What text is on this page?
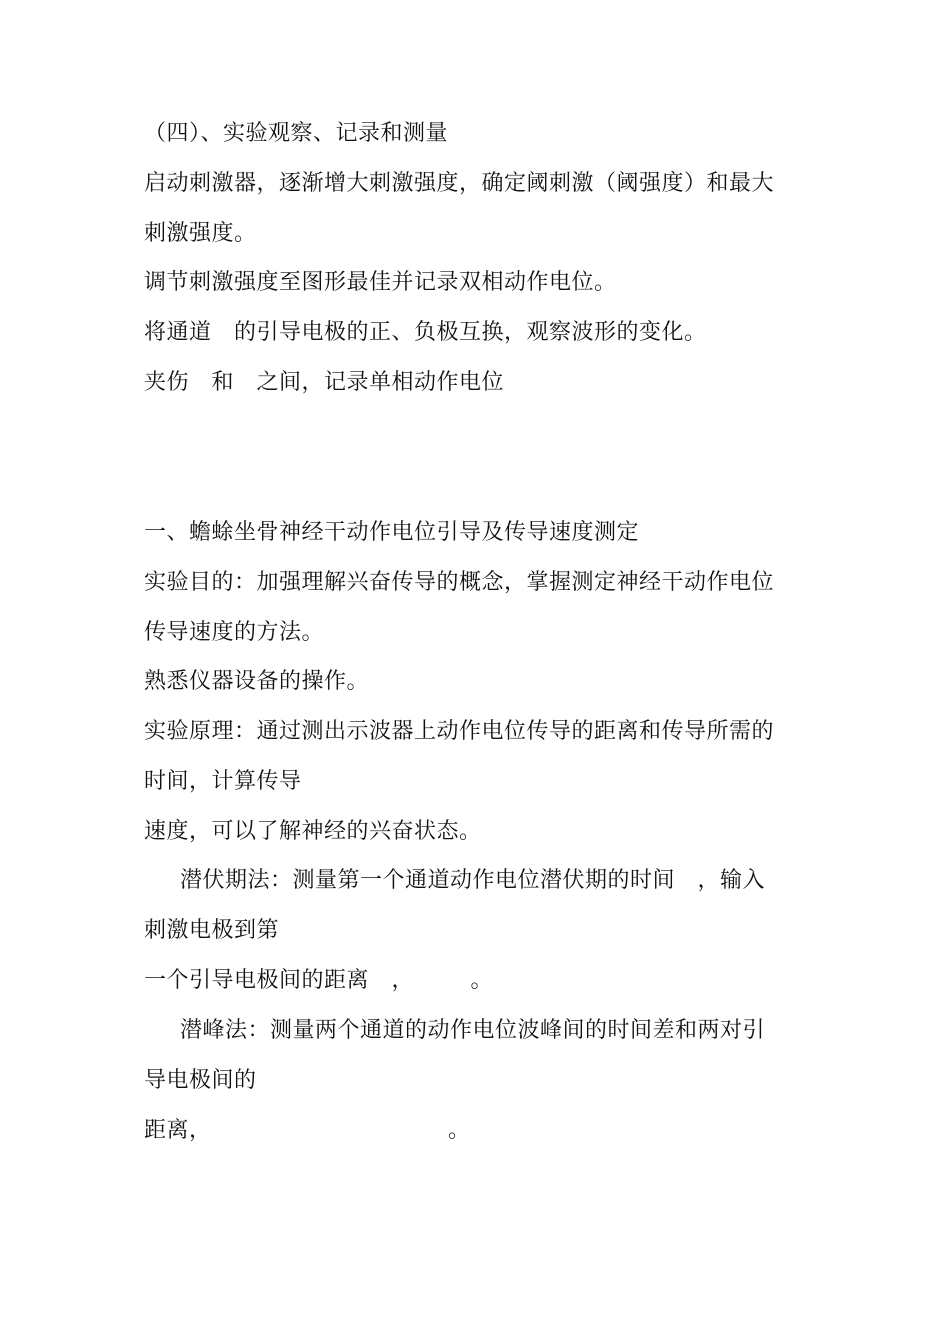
（四）、实验观察、记录和测量
启动刺激器，逐渐增大刺激强度，确定阈刺激（阈强度）和最大
刺激强度。
调节刺激强度至图形最佳并记录双相动作电位。
将通道　的引导电极的正、负极互换，观察波形的变化。
夹伤　和　之间，记录单相动作电位
一、蟾蜍坐骨神经干动作电位引导及传导速度测定
实验目的：加强理解兴奋传导的概念，掌握测定神经干动作电位
传导速度的方法。
熟悉仪器设备的操作。
实验原理：通过测出示波器上动作电位传导的距离和传导所需的
时间，计算传导
速度，可以了解神经的兴奋状态。
潜伏期法：测量第一个通道动作电位潜伏期的时间　，输入
刺激电极到第
一个引导电极间的距离　，　　　。
潜峰法：测量两个通道的动作电位波峰间的时间差和两对引
导电极间的
距离，　　　　　　　　　　　。
